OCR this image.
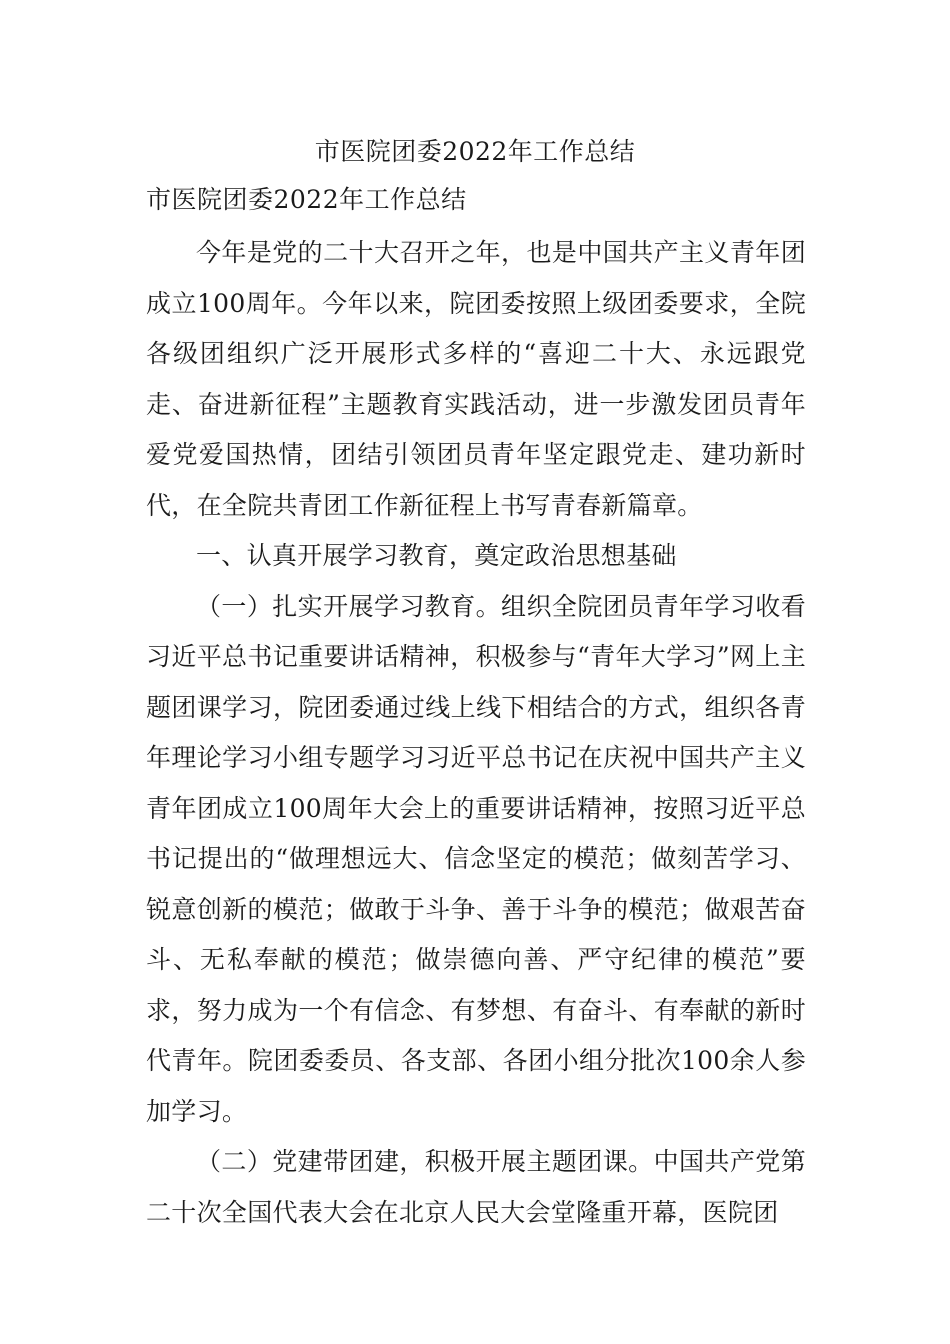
市医院团委2022年工作总结
市医院团委2022年工作总结

今年是党的二十大召开之年，也是中国共产主义青年团成立100周年。今年以来，院团委按照上级团委要求，全院各级团组织广泛开展形式多样的“喜迎二十大、永远跟党走、奋进新征程”主题教育实践活动，进一步激发团员青年爱党爱国热情，团结引领团员青年坚定跟党走、建功新时代，在全院共青团工作新征程上书写青春新篇章。

一、认真开展学习教育，奠定政治思想基础

（一）扎实开展学习教育。组织全院团员青年学习收看习近平总书记重要讲话精神，积极参与“青年大学习”网上主题团课学习，院团委通过线上线下相结合的方式，组织各青年理论学习小组专题学习习近平总书记在庆祝中国共产主义青年团成立100周年大会上的重要讲话精神，按照习近平总书记提出的“做理想远大、信念坚定的模范；做刻苦学习、锐意创新的模范；做敢于斗争、善于斗争的模范；做艰苦奋斗、无私奉献的模范；做崇德向善、严守纪律的模范”要求，努力成为一个有信念、有梦想、有奋斗、有奉献的新时代青年。院团委委员、各支部、各团小组分批次100余人参加学习。

（二）党建带团建，积极开展主题团课。中国共产党第二十次全国代表大会在北京人民大会堂隆重开幕，医院团
